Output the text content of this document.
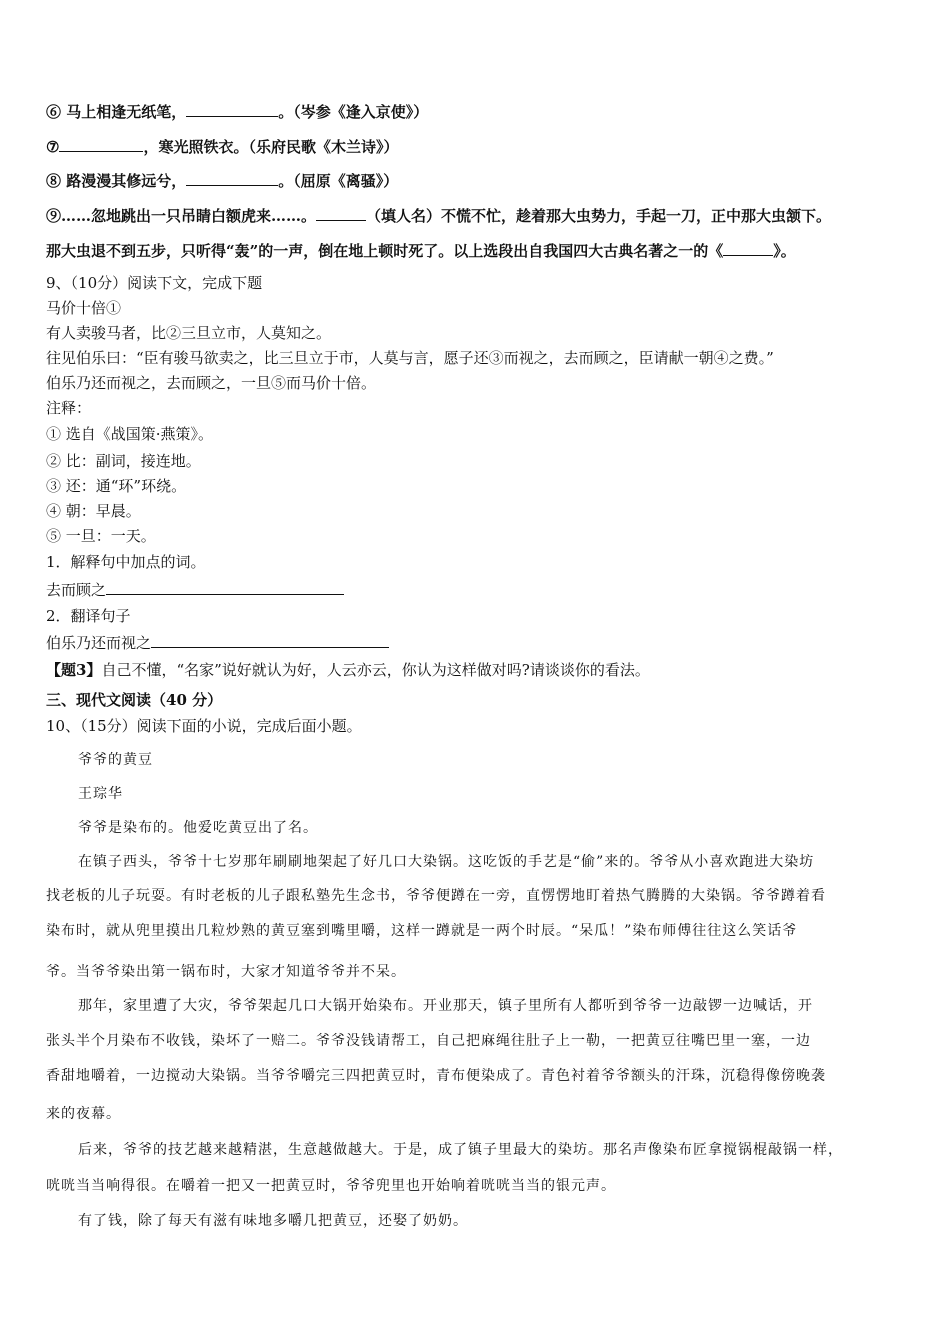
⑥ 马上相逢无纸笔，	。（岑参《逢入京使》）
⑦	，寒光照铁衣。（乐府民歌《木兰诗》）
⑧ 路漫漫其修远兮，	。（屈原《离骚》）
⑨……忽地跳出一只吊睛白额虎来……。	（填人名）不慌不忙，趁着那大虫势力，手起一刀，正中那大虫颔下。
那大虫退不到五步，只听得“轰”的一声，倒在地上顿时死了。以上选段出自我国四大古典名著之一的《	》。
9、（10分）阅读下文，完成下题
马价十倍①
有人卖骏马者，比②三旦立市，人莫知之。
往见伯乐曰：“臣有骏马欲卖之，比三旦立于市，人莫与言，愿子还③而视之，去而顾之，臣请献一朝④之费。”
伯乐乃还而视之，去而顾之，一旦⑤而马价十倍。
注释：
① 选自《战国策·燕策》。
② 比：副词，接连地。
③ 还：通“环”环绕。
④ 朝：早晨。
⑤ 一旦：一天。
1．解释句中加点的词。
去而顾之
2．翻译句子
伯乐乃还而视之
【题3】自己不懂，“名家”说好就认为好，人云亦云，你认为这样做对吗?请谈谈你的看法。
三、现代文阅读（40 分）
10、（15分）阅读下面的小说，完成后面小题。
爷爷的黄豆
王琮华
爷爷是染布的。他爱吃黄豆出了名。
在镇子西头，爷爷十七岁那年刷刷地架起了好几口大染锅。这吃饭的手艺是“偷”来的。爷爷从小喜欢跑进大染坊
找老板的儿子玩耍。有时老板的儿子跟私塾先生念书，爷爷便蹲在一旁，直愣愣地盯着热气腾腾的大染锅。爷爷蹲着看
染布时，就从兜里摸出几粒炒熟的黄豆塞到嘴里嚼，这样一蹲就是一两个时辰。“呆瓜！”染布师傅往往这么笑话爷
爷。当爷爷染出第一锅布时，大家才知道爷爷并不呆。
那年，家里遭了大灾，爷爷架起几口大锅开始染布。开业那天，镇子里所有人都听到爷爷一边敲锣一边喊话，开
张头半个月染布不收钱，染坏了一赔二。爷爷没钱请帮工，自己把麻绳往肚子上一勒，一把黄豆往嘴巴里一塞，一边
香甜地嚼着，一边搅动大染锅。当爷爷嚼完三四把黄豆时，青布便染成了。青色衬着爷爷额头的汗珠，沉稳得像傍晚袭
来的夜幕。
后来，爷爷的技艺越来越精湛，生意越做越大。于是，成了镇子里最大的染坊。那名声像染布匠拿搅锅棍敲锅一样，
咣咣当当响得很。在嚼着一把又一把黄豆时，爷爷兜里也开始响着咣咣当当的银元声。
有了钱，除了每天有滋有味地多嚼几把黄豆，还娶了奶奶。
